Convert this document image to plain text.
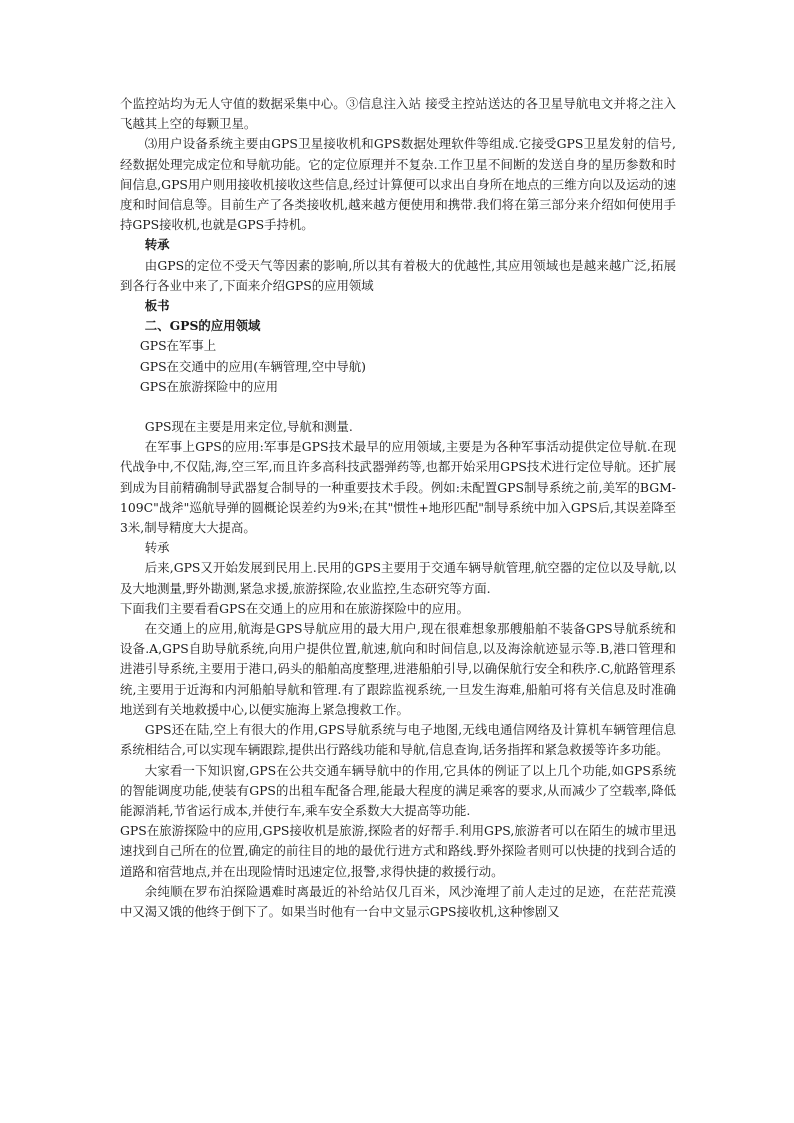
个监控站均为无人守值的数据采集中心。③信息注入站 接受主控站送达的各卫星导航电文并将之注入飞越其上空的每颗卫星。

⑶用户设备系统主要由GPS卫星接收机和GPS数据处理软件等组成.它接受GPS卫星发射的信号,经数据处理完成定位和导航功能。它的定位原理并不复杂.工作卫星不间断的发送自身的星历参数和时间信息,GPS用户则用接收机接收这些信息,经过计算便可以求出自身所在地点的三维方向以及运动的速度和时间信息等。目前生产了各类接收机,越来越方便使用和携带.我们将在第三部分来介绍如何使用手持GPS接收机,也就是GPS手持机。

转承

由GPS的定位不受天气等因素的影响,所以其有着极大的优越性,其应用领域也是越来越广泛,拓展到各行各业中来了,下面来介绍GPS的应用领域

板书

二、GPS的应用领域

GPS在军事上

GPS在交通中的应用(车辆管理,空中导航)

GPS在旅游探险中的应用

GPS现在主要是用来定位,导航和测量.

在军事上GPS的应用:军事是GPS技术最早的应用领域,主要是为各种军事活动提供定位导航.在现代战争中,不仅陆,海,空三军,而且许多高科技武器弹药等,也都开始采用GPS技术进行定位导航。还扩展到成为目前精确制导武器复合制导的一种重要技术手段。例如:未配置GPS制导系统之前,美军的BGM-109C"战斧"巡航导弹的圆概论误差约为9米;在其"惯性+地形匹配"制导系统中加入GPS后,其误差降至3米,制导精度大大提高。

转承

后来,GPS又开始发展到民用上.民用的GPS主要用于交通车辆导航管理,航空器的定位以及导航,以及大地测量,野外勘测,紧急求援,旅游探险,农业监控,生态研究等方面.

下面我们主要看看GPS在交通上的应用和在旅游探险中的应用。

在交通上的应用,航海是GPS导航应用的最大用户,现在很难想象那艘船舶不装备GPS导航系统和设备.A,GPS自助导航系统,向用户提供位置,航速,航向和时间信息,以及海涂航迹显示等.B,港口管理和进港引导系统,主要用于港口,码头的船舶高度整理,进港船舶引导,以确保航行安全和秩序.C,航路管理系统,主要用于近海和内河船舶导航和管理.有了跟踪监视系统,一旦发生海难,船舶可将有关信息及时准确地送到有关地救援中心,以便实施海上紧急搜救工作。

GPS还在陆,空上有很大的作用,GPS导航系统与电子地图,无线电通信网络及计算机车辆管理信息系统相结合,可以实现车辆跟踪,提供出行路线功能和导航,信息查询,话务指挥和紧急救援等许多功能。

大家看一下知识窗,GPS在公共交通车辆导航中的作用,它具体的例证了以上几个功能,如GPS系统的智能调度功能,使装有GPS的出租车配备合理,能最大程度的满足乘客的要求,从而减少了空载率,降低能源消耗,节省运行成本,并使行车,乘车安全系数大大提高等功能.

GPS在旅游探险中的应用,GPS接收机是旅游,探险者的好帮手.利用GPS,旅游者可以在陌生的城市里迅速找到自己所在的位置,确定的前往目的地的最优行进方式和路线.野外探险者则可以快捷的找到合适的道路和宿营地点,并在出现险情时迅速定位,报警,求得快捷的救援行动。

余纯顺在罗布泊探险遇难时离最近的补给站仅几百米，风沙淹埋了前人走过的足迹，在茫茫荒漠中又渴又饿的他终于倒下了。如果当时他有一台中文显示GPS接收机,这种惨剧又
